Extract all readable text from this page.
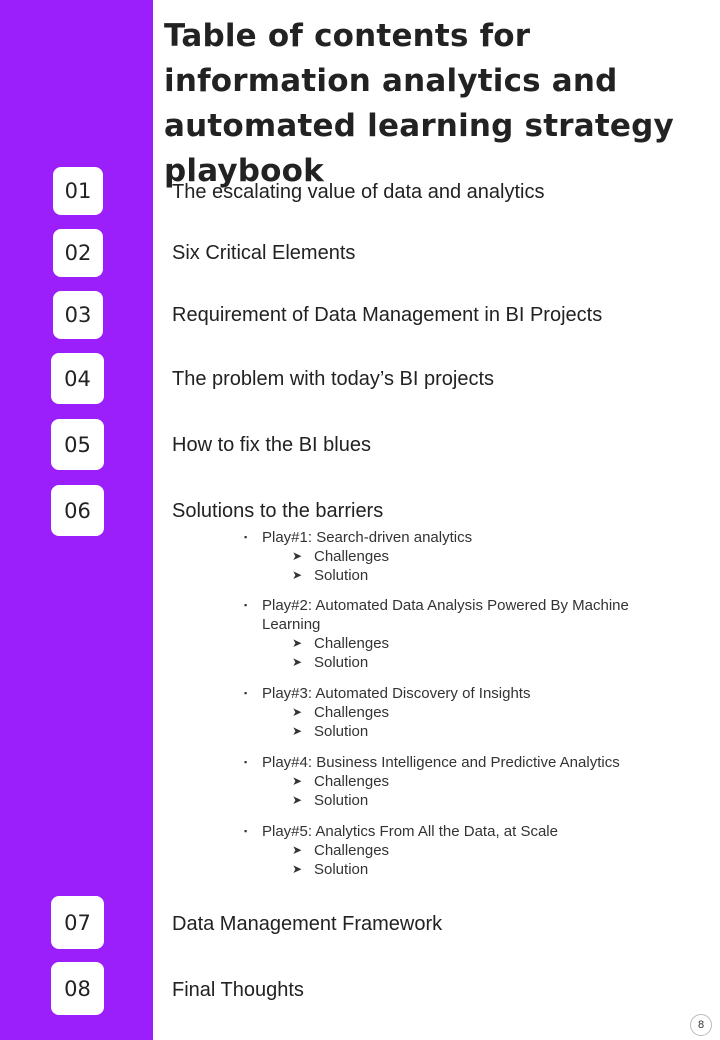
Table of contents for information analytics and automated learning strategy playbook
01
02
03
04
05
06
07
08
The escalating value of data and analytics
Six Critical Elements
Requirement of Data Management in BI Projects
The problem with today’s BI projects
How to fix the BI blues
Solutions to the barriers
Data Management Framework
Final Thoughts
▪ Play#1: Search-driven analytics
➤ Challenges
➤ Solution
▪ Play#2: Automated Data Analysis Powered By Machine Learning
➤ Challenges
➤ Solution
▪ Play#3: Automated Discovery of Insights
➤ Challenges
➤ Solution
▪ Play#4: Business Intelligence and Predictive Analytics
➤ Challenges
➤ Solution
▪ Play#5: Analytics From All the Data, at Scale
➤ Challenges
➤ Solution
8
